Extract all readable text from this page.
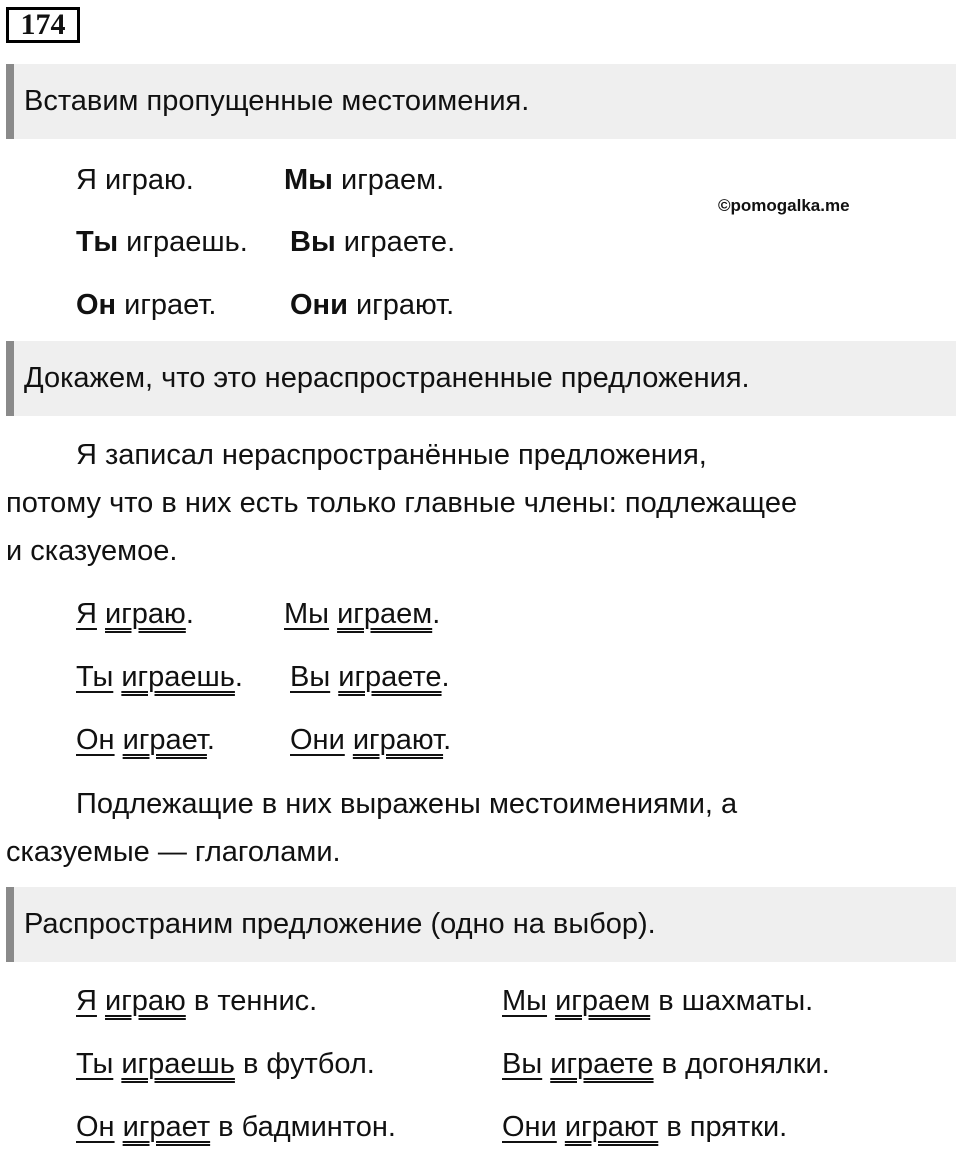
174
Вставим пропущенные местоимения.
©pomogalka.me
Я играю.	Мы играем.
Ты играешь. Вы играете.
Он играет.	Они играют.
Докажем, что это нераспространенные предложения.
Я записал нераспространённые предложения,
потому что в них есть только главные члены: подлежащее
и сказуемое.
Я играю.	Мы играем.
Ты играешь. Вы играете.
Он играет.	Они играют.
Подлежащие в них выражены местоимениями, а
сказуемые — глаголами.
Распространим предложение (одно на выбор).
Я играю в теннис.	Мы играем в шахматы.
Ты играешь в футбол.	Вы играете в догонялки.
Он играет в бадминтон.	Они играют в прятки.
